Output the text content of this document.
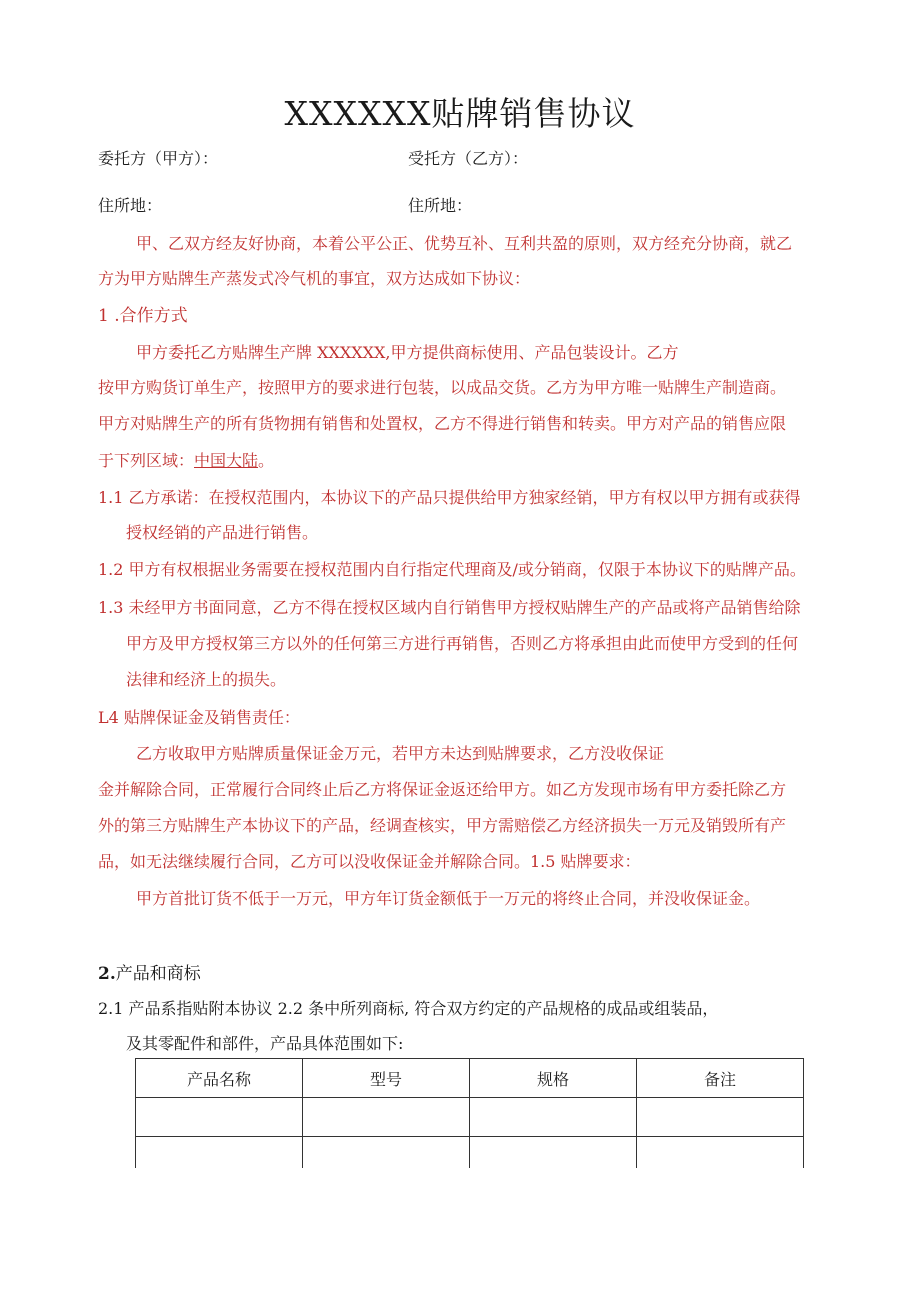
XXXXXX贴牌销售协议
委托方（甲方）：	受托方（乙方）：
住所地：	住所地：
甲、乙双方经友好协商，本着公平公正、优势互补、互利共盈的原则，双方经充分协商，就乙
方为甲方贴牌生产蒸发式冷气机的事宜，双方达成如下协议：
1 .合作方式
甲方委托乙方贴牌生产牌 XXXXXX,甲方提供商标使用、产品包装设计。乙方
按甲方购货订单生产，按照甲方的要求进行包装，以成品交货。乙方为甲方唯一贴牌生产制造商。
甲方对贴牌生产的所有货物拥有销售和处置权，乙方不得进行销售和转卖。甲方对产品的销售应限
于下列区域：中国大陆。
1.1 乙方承诺：在授权范围内，本协议下的产品只提供给甲方独家经销，甲方有权以甲方拥有或获得
授权经销的产品进行销售。
1.2 甲方有权根据业务需要在授权范围内自行指定代理商及/或分销商，仅限于本协议下的贴牌产品。
1.3 未经甲方书面同意，乙方不得在授权区域内自行销售甲方授权贴牌生产的产品或将产品销售给除
甲方及甲方授权第三方以外的任何第三方进行再销售，否则乙方将承担由此而使甲方受到的任何
法律和经济上的损失。
L4 贴牌保证金及销售责任：
乙方收取甲方贴牌质量保证金万元，若甲方未达到贴牌要求，乙方没收保证
金并解除合同，正常履行合同终止后乙方将保证金返还给甲方。如乙方发现市场有甲方委托除乙方
外的第三方贴牌生产本协议下的产品，经调查核实，甲方需赔偿乙方经济损失一万元及销毁所有产
品，如无法继续履行合同，乙方可以没收保证金并解除合同。1.5 贴牌要求：
甲方首批订货不低于一万元，甲方年订货金额低于一万元的将终止合同，并没收保证金。
2.产品和商标
2.1 产品系指贴附本协议 2.2 条中所列商标, 符合双方约定的产品规格的成品或组装品，
及其零配件和部件，产品具体范围如下:
产品名称	型号	规格	备注
